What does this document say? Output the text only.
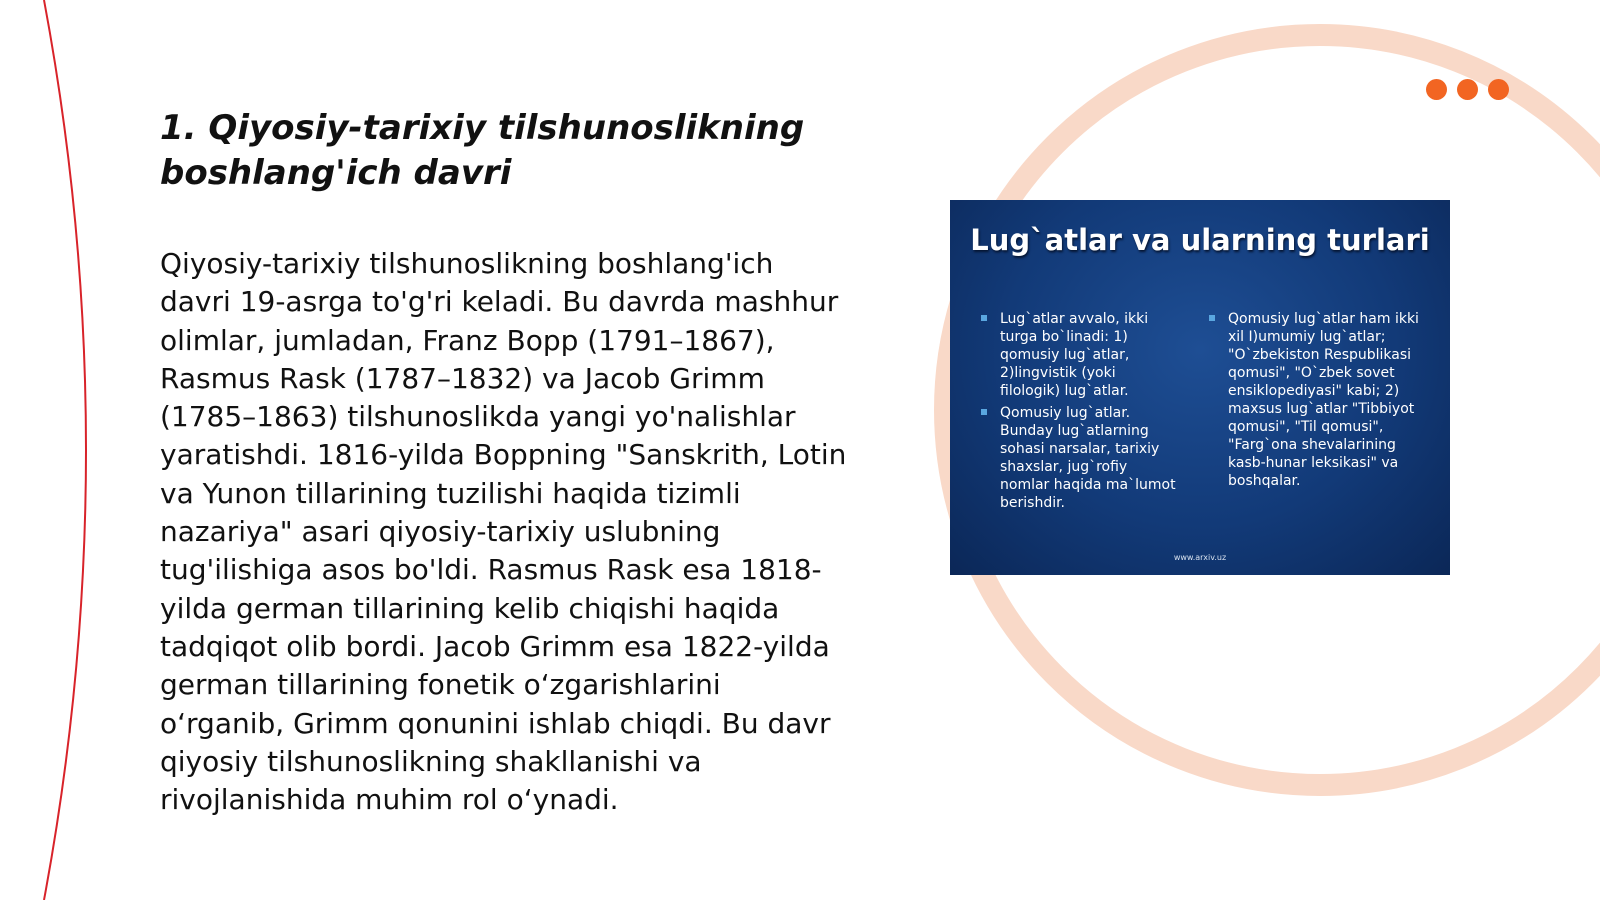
1. Qiyosiy-tarixiy tilshunoslikning boshlang'ich davri

Qiyosiy-tarixiy tilshunoslikning boshlang'ich davri 19-asrga to'g'ri keladi. Bu davrda mashhur olimlar, jumladan, Franz Bopp (1791–1867), Rasmus Rask (1787–1832) va Jacob Grimm (1785–1863) tilshunoslikda yangi yo'nalishlar yaratishdi. 1816-yilda Boppning "Sanskrith, Lotin va Yunon tillarining tuzilishi haqida tizimli nazariya" asari qiyosiy-tarixiy uslubning tug'ilishiga asos bo'ldi. Rasmus Rask esa 1818-yilda german tillarining kelib chiqishi haqida tadqiqot olib bordi. Jacob Grimm esa 1822-yilda german tillarining fonetik o‘zgarishlarini o‘rganib, Grimm qonunini ishlab chiqdi. Bu davr qiyosiy tilshunoslikning shakllanishi va rivojlanishida muhim rol o‘ynadi.

Lug`atlar va ularning turlari
Lug`atlar avvalo, ikki turga bo`linadi: 1) qomusiy lug`atlar, 2)lingvistik (yoki filologik) lug`atlar.
Qomusiy lug`atlar. Bunday lug`atlarning sohasi narsalar, tarixiy shaxslar, jug`rofiy nomlar haqida ma`lumot berishdir.
Qomusiy lug`atlar ham ikki xil I)umumiy lug`atlar; "O`zbekiston Respublikasi qomusi", "O`zbek sovet ensiklopediyasi" kabi; 2) maxsus lug`atlar "Tibbiyot qomusi", "Til qomusi", "Farg`ona shevalarining kasb-hunar leksikasi" va boshqalar.
www.arxiv.uz
